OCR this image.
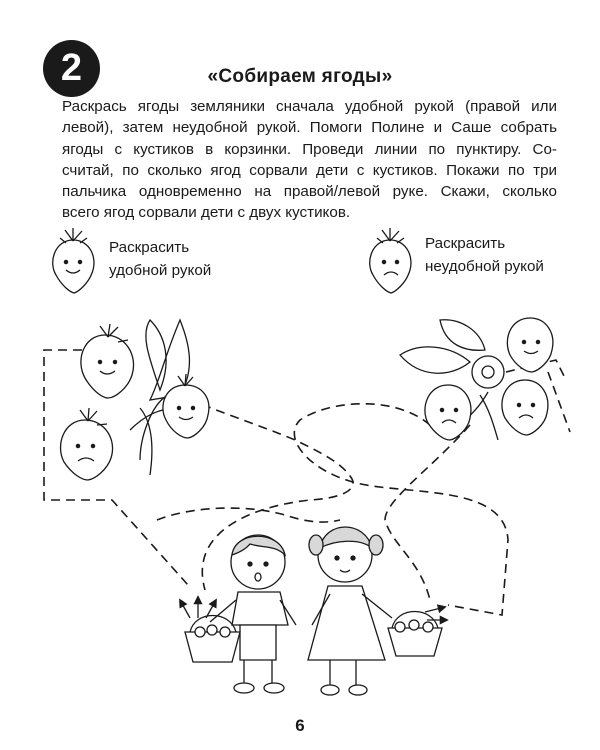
2	«Собираем ягоды»
Раскрась ягоды земляники сначала удобной рукой (правой или
левой), затем неудобной рукой. Помоги Полине и Саше собрать
ягоды с кустиков в корзинки. Проведи линии по пунктиру. Со-
считай, по сколько ягод сорвали дети с кустиков. Покажи по три
пальчика одновременно на правой/левой руке. Скажи, сколько
всего ягод сорвали дети с двух кустиков.
Раскрасить
удобной рукой
Раскрасить
неудобной рукой
6
